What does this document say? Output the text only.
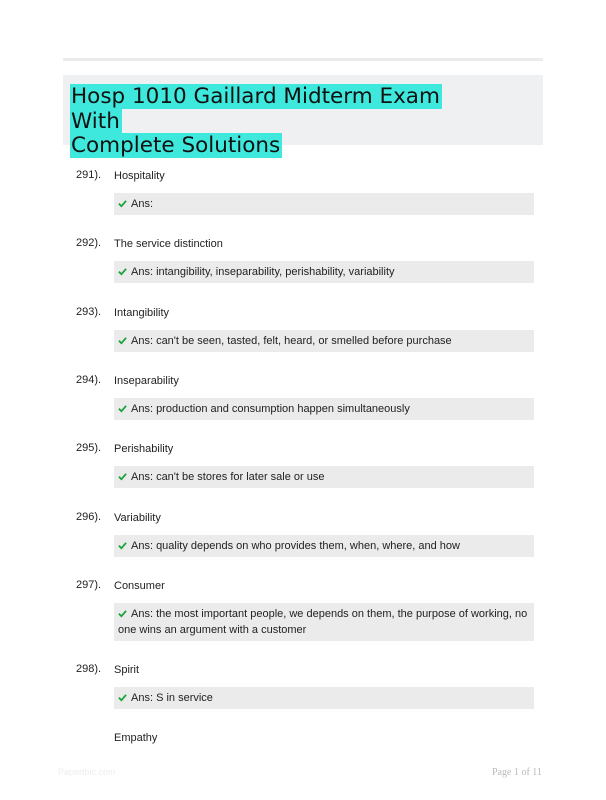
Hosp 1010 Gaillard Midterm Exam With
Complete Solutions
291). Hospitality
Ans:
292). The service distinction
Ans: intangibility, inseparability, perishability, variability
293). Intangibility
Ans: can't be seen, tasted, felt, heard, or smelled before purchase
294). Inseparability
Ans: production and consumption happen simultaneously
295). Perishability
Ans: can't be stores for later sale or use
296). Variability
Ans: quality depends on who provides them, when, where, and how
297). Consumer
Ans: the most important people, we depends on them, the purpose of working, no one wins an argument with a customer
298). Spirit
Ans: S in service
Empathy
Papertbic.com	Page 1 of 11
